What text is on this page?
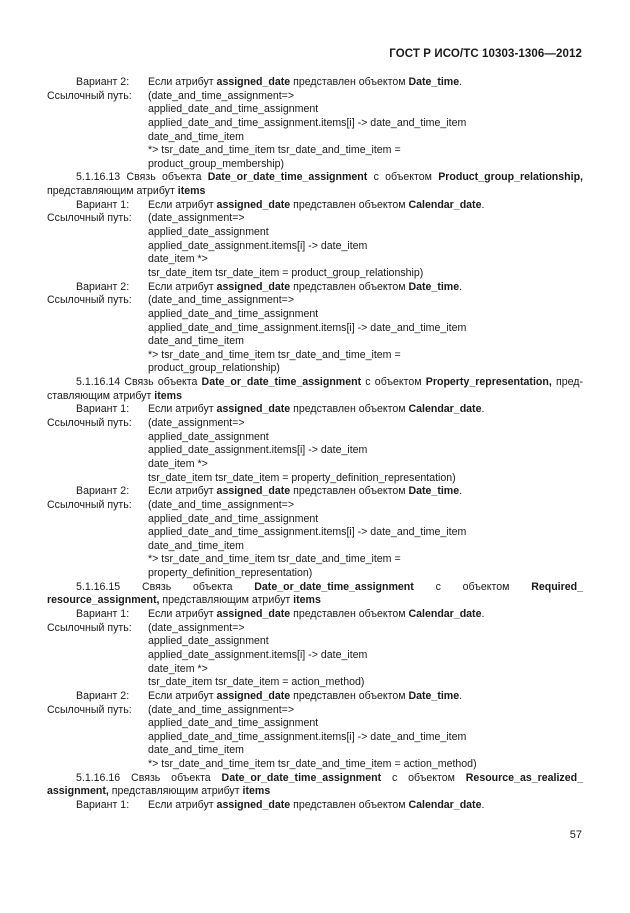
ГОСТ Р ИСО/ТС 10303-1306—2012
Вариант 2: Если атрибут assigned_date представлен объектом Date_time.
Ссылочный путь: (date_and_time_assignment=>
applied_date_and_time_assignment
applied_date_and_time_assignment.items[i] -> date_and_time_item
date_and_time_item
*> tsr_date_and_time_item tsr_date_and_time_item =
product_group_membership)
5.1.16.13 Связь объекта Date_or_date_time_assignment с объектом Product_group_relationship, представляющим атрибут items
Вариант 1: Если атрибут assigned_date представлен объектом Calendar_date.
Ссылочный путь: (date_assignment=>
applied_date_assignment
applied_date_assignment.items[i] -> date_item
date_item *>
tsr_date_item tsr_date_item = product_group_relationship)
Вариант 2: Если атрибут assigned_date представлен объектом Date_time.
Ссылочный путь: (date_and_time_assignment=>
applied_date_and_time_assignment
applied_date_and_time_assignment.items[i] -> date_and_time_item
date_and_time_item
*> tsr_date_and_time_item tsr_date_and_time_item =
product_group_relationship)
5.1.16.14 Связь объекта Date_or_date_time_assignment с объектом Property_representation, пред-ставляющим атрибут items
Вариант 1: Если атрибут assigned_date представлен объектом Calendar_date.
Ссылочный путь: (date_assignment=>
applied_date_assignment
applied_date_assignment.items[i] -> date_item
date_item *>
tsr_date_item tsr_date_item = property_definition_representation)
Вариант 2: Если атрибут assigned_date представлен объектом Date_time.
Ссылочный путь: (date_and_time_assignment=>
applied_date_and_time_assignment
applied_date_and_time_assignment.items[i] -> date_and_time_item
date_and_time_item
*> tsr_date_and_time_item tsr_date_and_time_item =
property_definition_representation)
5.1.16.15 Связь объекта Date_or_date_time_assignment с объектом Required_ resource_assignment, представляющим атрибут items
Вариант 1: Если атрибут assigned_date представлен объектом Calendar_date.
Ссылочный путь: (date_assignment=>
applied_date_assignment
applied_date_assignment.items[i] -> date_item
date_item *>
tsr_date_item tsr_date_item = action_method)
Вариант 2: Если атрибут assigned_date представлен объектом Date_time.
Ссылочный путь: (date_and_time_assignment=>
applied_date_and_time_assignment
applied_date_and_time_assignment.items[i] -> date_and_time_item
date_and_time_item
*> tsr_date_and_time_item tsr_date_and_time_item = action_method)
5.1.16.16 Связь объекта Date_or_date_time_assignment с объектом Resource_as_realized_ assignment, представляющим атрибут items
Вариант 1: Если атрибут assigned_date представлен объектом Calendar_date.
57
